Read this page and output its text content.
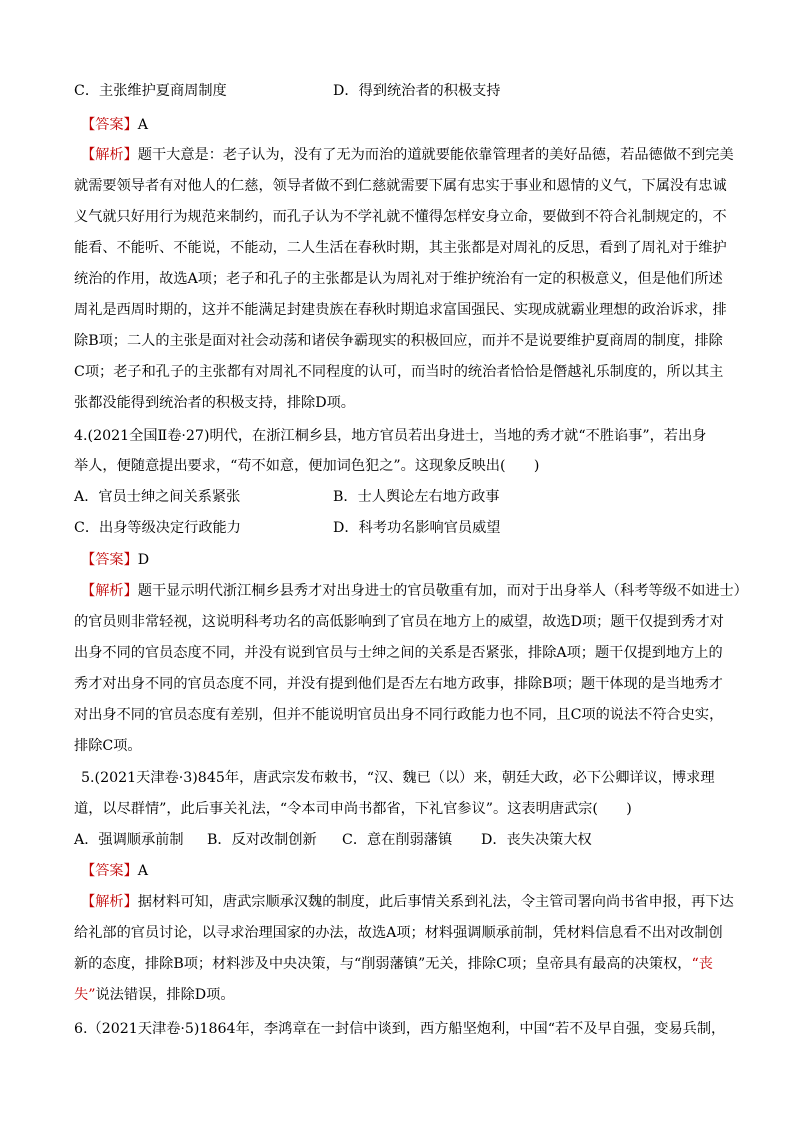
C．主张维护夏商周制度	D．得到统治者的积极支持
【答案】A
【解析】题干大意是：老子认为，没有了无为而治的道就要能依靠管理者的美好品德，若品德做不到完美
就需要领导者有对他人的仁慈，领导者做不到仁慈就需要下属有忠实于事业和恩情的义气，下属没有忠诚
义气就只好用行为规范来制约，而孔子认为不学礼就不懂得怎样安身立命，要做到不符合礼制规定的，不
能看、不能听、不能说，不能动，二人生活在春秋时期，其主张都是对周礼的反思，看到了周礼对于维护
统治的作用，故选A项；老子和孔子的主张都是认为周礼对于维护统治有一定的积极意义，但是他们所述
周礼是西周时期的，这并不能满足封建贵族在春秋时期追求富国强民、实现成就霸业理想的政治诉求，排
除B项；二人的主张是面对社会动荡和诸侯争霸现实的积极回应，而并不是说要维护夏商周的制度，排除
C项；老子和孔子的主张都有对周礼不同程度的认可，而当时的统治者恰恰是僭越礼乐制度的，所以其主
张都没能得到统治者的积极支持，排除D项。
4.(2021全国Ⅱ卷·27)明代，在浙江桐乡县，地方官员若出身进士，当地的秀才就“不胜谄事”，若出身
举人，便随意提出要求，“苟不如意，便加词色犯之”。这现象反映出(　　)
A．官员士绅之间关系紧张	B．士人舆论左右地方政事
C．出身等级决定行政能力	D．科考功名影响官员威望
【答案】D
【解析】题干显示明代浙江桐乡县秀才对出身进士的官员敬重有加，而对于出身举人（科考等级不如进士）
的官员则非常轻视，这说明科考功名的高低影响到了官员在地方上的威望，故选D项；题干仅提到秀才对
出身不同的官员态度不同，并没有说到官员与士绅之间的关系是否紧张，排除A项；题干仅提到地方上的
秀才对出身不同的官员态度不同，并没有提到他们是否左右地方政事，排除B项；题干体现的是当地秀才
对出身不同的官员态度有差别，但并不能说明官员出身不同行政能力也不同，且C项的说法不符合史实，
排除C项。
5.(2021天津卷·3)845年，唐武宗发布敕书，“汉、魏已（以）来，朝廷大政，必下公卿详议，博求理
道，以尽群情”，此后事关礼法，“令本司申尚书都省，下礼官参议”。这表明唐武宗(　　)
A．强调顺承前制 B．反对改制创新 C．意在削弱藩镇 D．丧失决策大权
【答案】A
【解析】据材料可知，唐武宗顺承汉魏的制度，此后事情关系到礼法，令主管司署向尚书省申报，再下达
给礼部的官员讨论，以寻求治理国家的办法，故选A项；材料强调顺承前制，凭材料信息看不出对改制创
新的态度，排除B项；材料涉及中央决策，与“削弱藩镇”无关，排除C项；皇帝具有最高的决策权，“丧
失”说法错误，排除D项。
6.（2021天津卷·5)1864年，李鸿章在一封信中谈到，西方船坚炮利，中国“若不及早自强，变易兵制，
